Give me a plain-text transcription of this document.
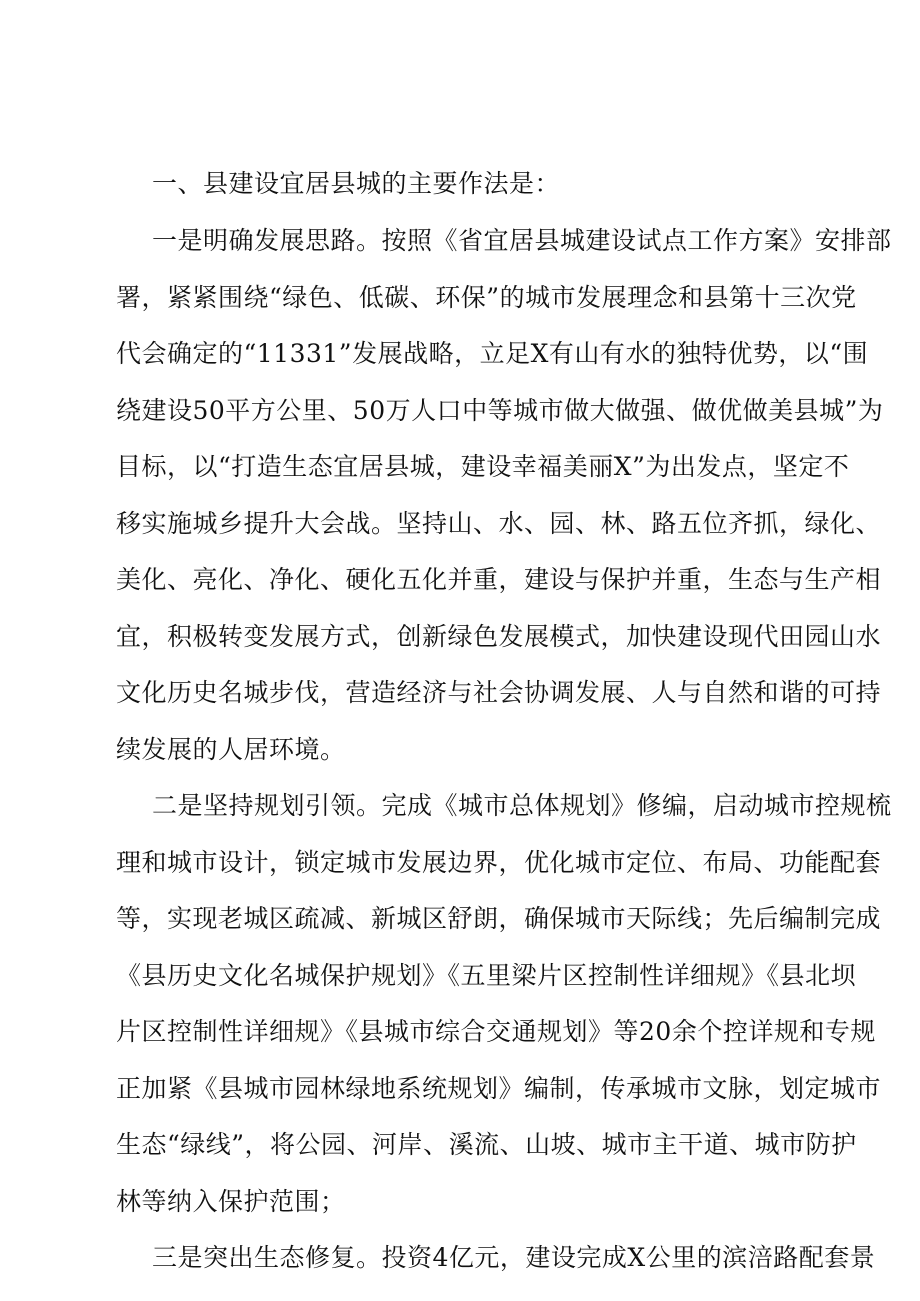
一、县建设宜居县城的主要作法是：
一是明确发展思路。按照《省宜居县城建设试点工作方案》安排部
署，紧紧围绕“绿色、低碳、环保”的城市发展理念和县第十三次党
代会确定的“11331”发展战略，立足X有山有水的独特优势，以“围
绕建设50平方公里、50万人口中等城市做大做强、做优做美县城”为
目标，以“打造生态宜居县城，建设幸福美丽X”为出发点，坚定不
移实施城乡提升大会战。坚持山、水、园、林、路五位齐抓，绿化、
美化、亮化、净化、硬化五化并重，建设与保护并重，生态与生产相
宜，积极转变发展方式，创新绿色发展模式，加快建设现代田园山水
文化历史名城步伐，营造经济与社会协调发展、人与自然和谐的可持
续发展的人居环境。
二是坚持规划引领。完成《城市总体规划》修编，启动城市控规梳
理和城市设计，锁定城市发展边界，优化城市定位、布局、功能配套
等，实现老城区疏减、新城区舒朗，确保城市天际线；先后编制完成
《县历史文化名城保护规划》《五里梁片区控制性详细规》《县北坝
片区控制性详细规》《县城市综合交通规划》等20余个控详规和专规
正加紧《县城市园林绿地系统规划》编制，传承城市文脉，划定城市
生态“绿线”，将公园、河岸、溪流、山坡、城市主干道、城市防护
林等纳入保护范围；
三是突出生态修复。投资4亿元，建设完成X公里的滨涪路配套景
